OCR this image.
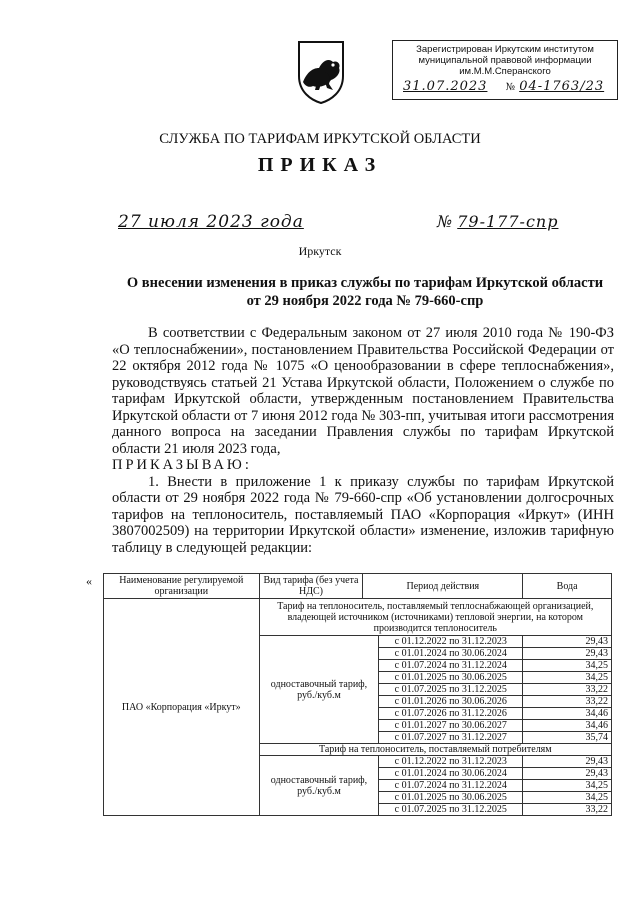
Зарегистрирован Иркутским институтом
муниципальной правовой информации
им.М.М.Сперанского
31.07.2023 № 04-1763/23
СЛУЖБА ПО ТАРИФАМ ИРКУТСКОЙ ОБЛАСТИ
ПРИКАЗ
27 июля 2023 года	№ 79-177-спр
Иркутск
О внесении изменения в приказ службы по тарифам Иркутской области
от 29 ноября 2022 года № 79-660-спр

В соответствии с Федеральным законом от 27 июля 2010 года № 190-ФЗ «О теплоснабжении», постановлением Правительства Российской Федерации от 22 октября 2012 года № 1075 «О ценообразовании в сфере теплоснабжения», руководствуясь статьей 21 Устава Иркутской области, Положением о службе по тарифам Иркутской области, утвержденным постановлением Правительства Иркутской области от 7 июня 2012 года № 303-пп, учитывая итоги рассмотрения данного вопроса на заседании Правления службы по тарифам Иркутской области 21 июля 2023 года,

ПРИКАЗЫВАЮ:

1. Внести в приложение 1 к приказу службы по тарифам Иркутской области от 29 ноября 2022 года № 79-660-спр «Об установлении долгосрочных тарифов на теплоноситель, поставляемый ПАО «Корпорация «Иркут» (ИНН 3807002509) на территории Иркутской области» изменение, изложив тарифную таблицу в следующей редакции:

«	Наименование регулируемой организации	Вид тарифа (без учета НДС)	Период действия		Вода
ПАО «Корпорация «Иркут»	Тариф на теплоноситель, поставляемый теплоснабжающей организацией, владеющей источником (источниками) тепловой энергии, на котором производится теплоноситель			
	одноставочный тариф, руб./куб.м		с 01.12.2022 по 31.12.2023	29,43
			с 01.01.2024 по 30.06.2024	29,43
			с 01.07.2024 по 31.12.2024	34,25
			с 01.01.2025 по 30.06.2025	34,25
			с 01.07.2025 по 31.12.2025	33,22
			с 01.01.2026 по 30.06.2026	33,22
			с 01.07.2026 по 31.12.2026	34,46
			с 01.01.2027 по 30.06.2027	34,46
			с 01.07.2027 по 31.12.2027	35,74
	Тариф на теплоноситель, поставляемый потребителям			
	одноставочный тариф, руб./куб.м		с 01.12.2022 по 31.12.2023	29,43
			с 01.01.2024 по 30.06.2024	29,43
			с 01.07.2024 по 31.12.2024	34,25
			с 01.01.2025 по 30.06.2025	34,25
			с 01.07.2025 по 31.12.2025	33,22
